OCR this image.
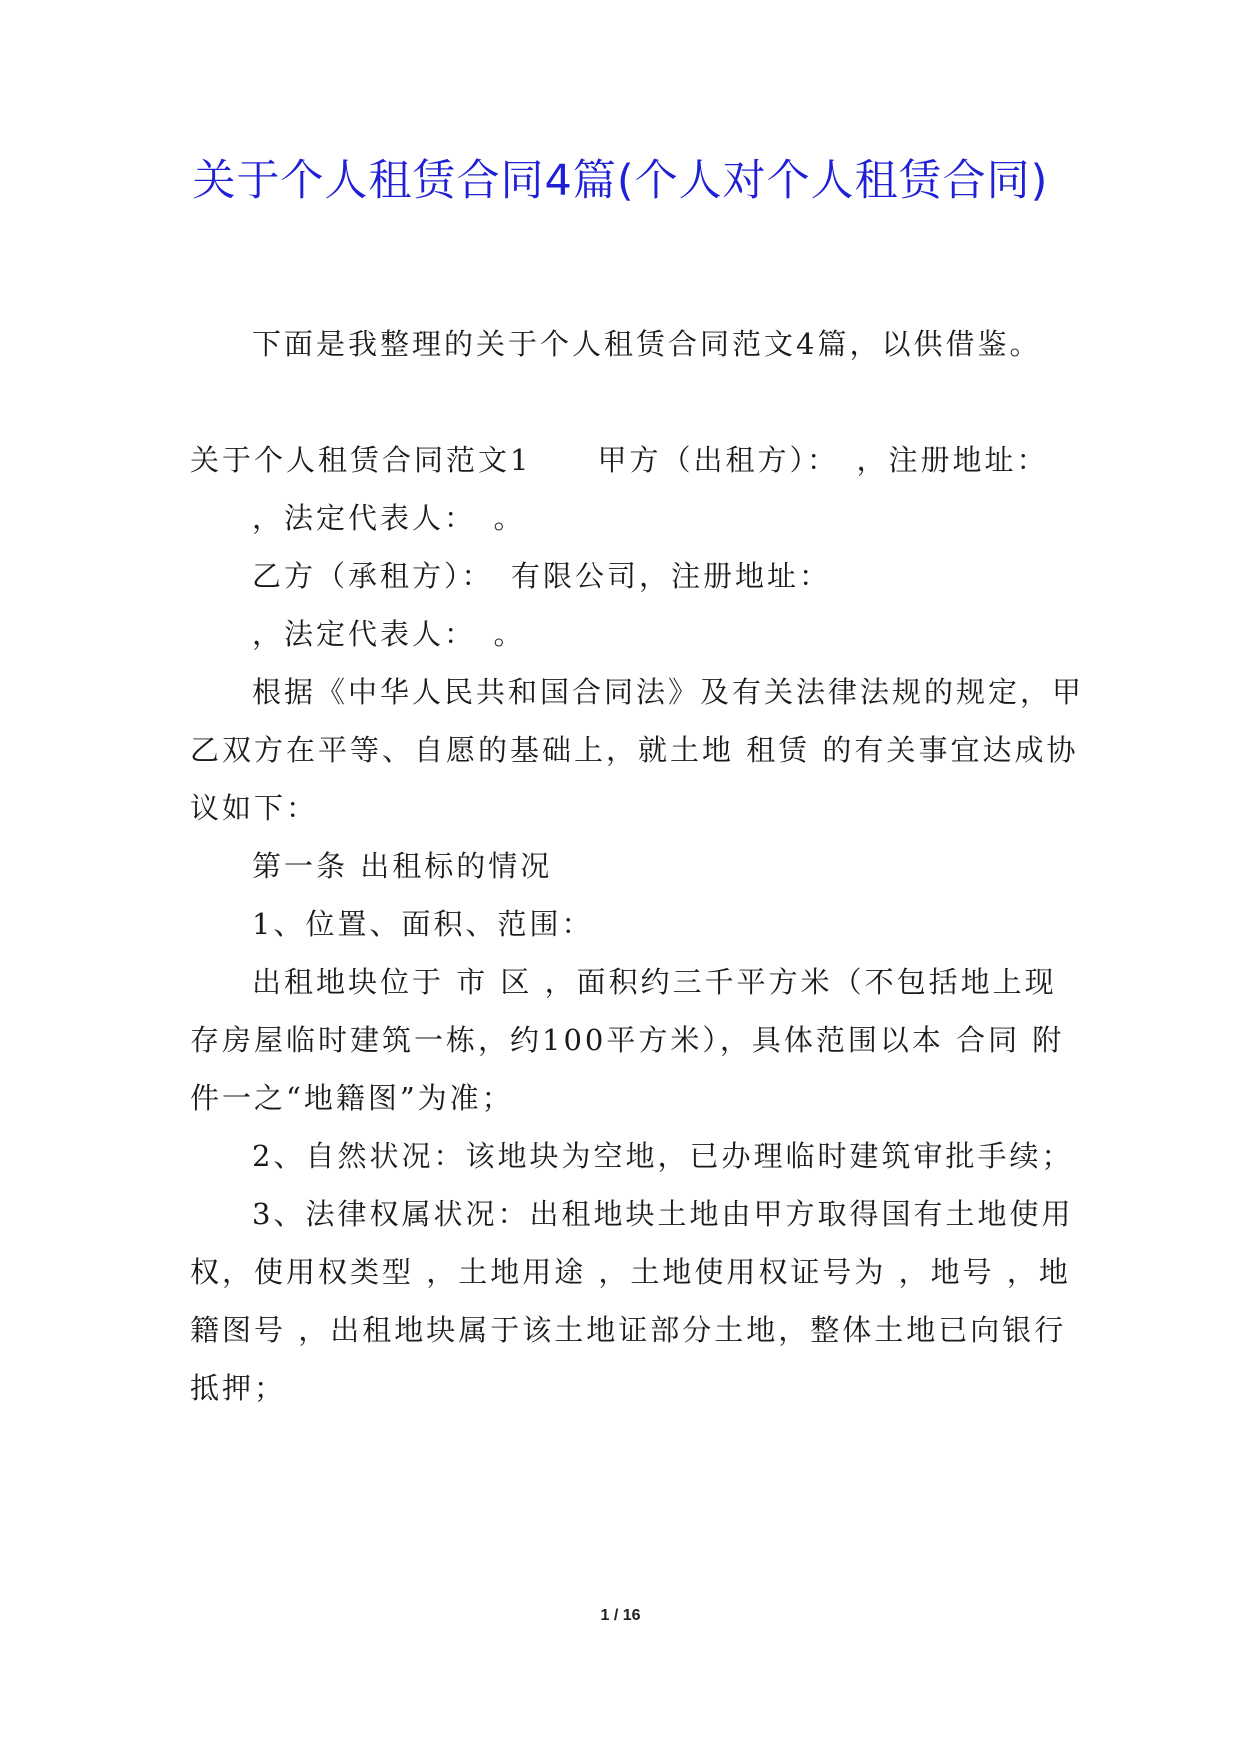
关于个人租赁合同4篇(个人对个人租赁合同)

下面是我整理的关于个人租赁合同范文4篇，以供借鉴。

关于个人租赁合同范文1 甲方（出租方）：　，注册地址：

，法定代表人：　。

乙方（承租方）：　有限公司，注册地址：

，法定代表人：　。

根据《中华人民共和国合同法》及有关法律法规的规定，甲

乙双方在平等、自愿的基础上，就土地 租赁 的有关事宜达成协

议如下：

第一条 出租标的情况

1、位置、面积、范围：

出租地块位于 市 区 ，面积约三千平方米（不包括地上现

存房屋临时建筑一栋，约100平方米），具体范围以本 合同 附

件一之“地籍图”为准；

2、自然状况：该地块为空地，已办理临时建筑审批手续；

3、法律权属状况：出租地块土地由甲方取得国有土地使用

权，使用权类型 ，土地用途 ，土地使用权证号为 ，地号 ，地

籍图号 ，出租地块属于该土地证部分土地，整体土地已向银行

抵押；

1 / 16
